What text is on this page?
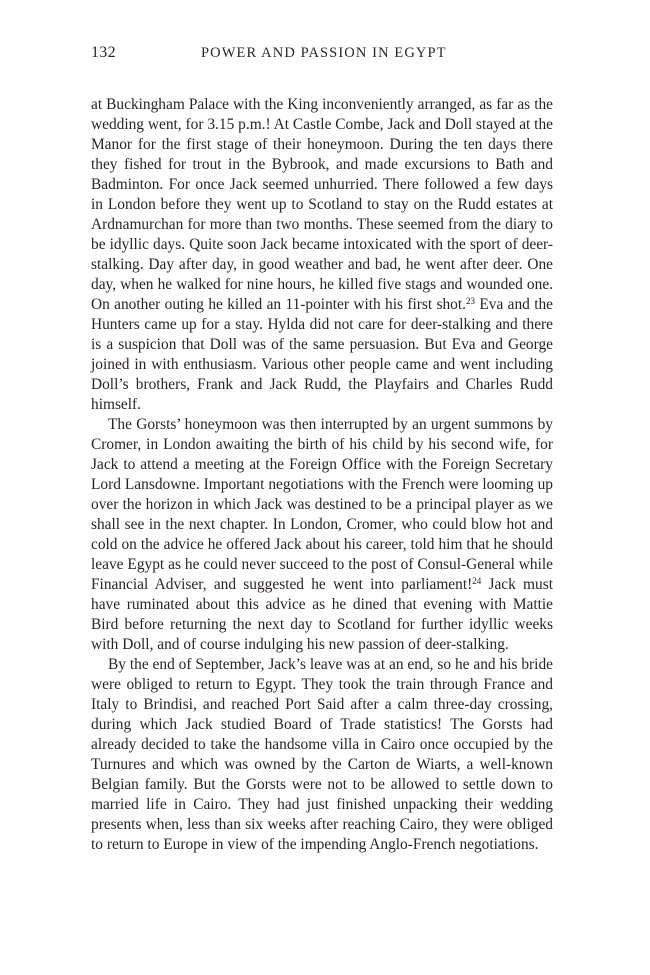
132	POWER AND PASSION IN EGYPT

at Buckingham Palace with the King inconveniently arranged, as far as the wedding went, for 3.15 p.m.! At Castle Combe, Jack and Doll stayed at the Manor for the first stage of their honeymoon. During the ten days there they fished for trout in the Bybrook, and made excursions to Bath and Badminton. For once Jack seemed unhurried. There followed a few days in London before they went up to Scotland to stay on the Rudd estates at Ardnamurchan for more than two months. These seemed from the diary to be idyllic days. Quite soon Jack became intoxicated with the sport of deer-stalking. Day after day, in good weather and bad, he went after deer. One day, when he walked for nine hours, he killed five stags and wounded one. On another outing he killed an 11-pointer with his first shot.$^{23}$ Eva and the Hunters came up for a stay. Hylda did not care for deer-stalking and there is a suspicion that Doll was of the same persuasion. But Eva and George joined in with enthusiasm. Various other people came and went including Doll’s brothers, Frank and Jack Rudd, the Playfairs and Charles Rudd himself.

The Gorsts’ honeymoon was then interrupted by an urgent summons by Cromer, in London awaiting the birth of his child by his second wife, for Jack to attend a meeting at the Foreign Office with the Foreign Secretary Lord Lansdowne. Important negotiations with the French were looming up over the horizon in which Jack was destined to be a principal player as we shall see in the next chapter. In London, Cromer, who could blow hot and cold on the advice he offered Jack about his career, told him that he should leave Egypt as he could never succeed to the post of Consul-General while Financial Adviser, and suggested he went into parliament!$^{24}$ Jack must have ruminated about this advice as he dined that evening with Mattie Bird before returning the next day to Scotland for further idyllic weeks with Doll, and of course indulging his new passion of deer-stalking.

By the end of September, Jack’s leave was at an end, so he and his bride were obliged to return to Egypt. They took the train through France and Italy to Brindisi, and reached Port Said after a calm three-day crossing, during which Jack studied Board of Trade statistics! The Gorsts had already decided to take the handsome villa in Cairo once occupied by the Turnures and which was owned by the Carton de Wiarts, a well-known Belgian family. But the Gorsts were not to be allowed to settle down to married life in Cairo. They had just finished unpacking their wedding presents when, less than six weeks after reaching Cairo, they were obliged to return to Europe in view of the impending Anglo-French negotiations.
